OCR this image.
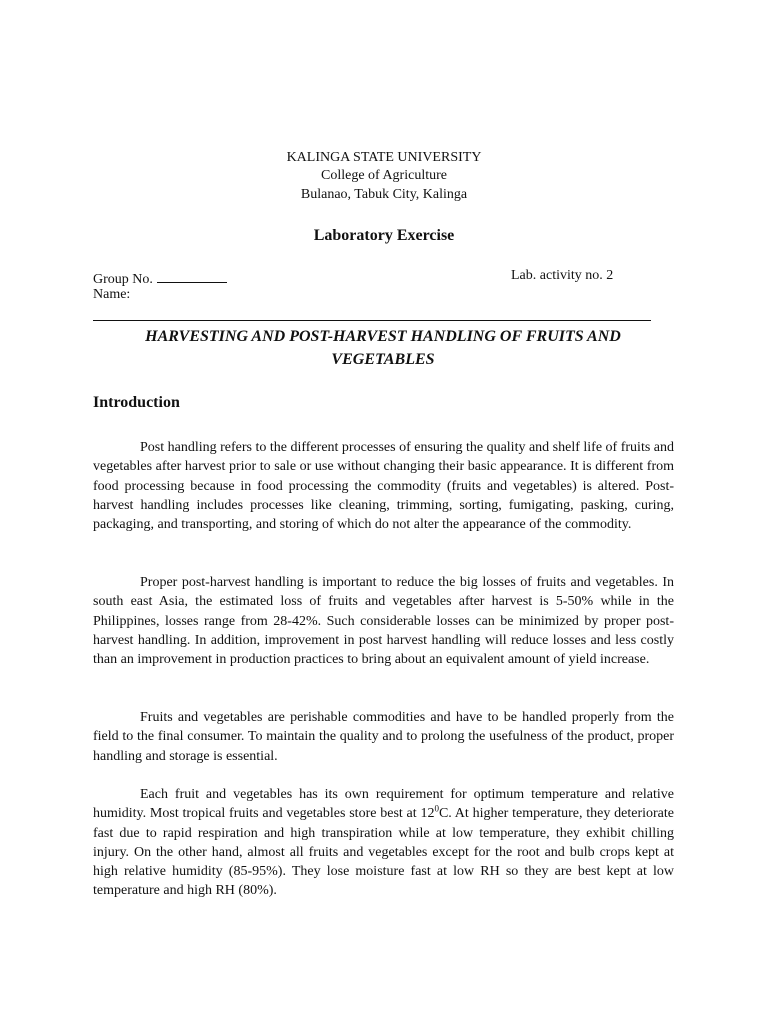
KALINGA STATE UNIVERSITY
College of Agriculture
Bulanao, Tabuk City, Kalinga
Laboratory Exercise
Group No.	Lab. activity no. 2
Name:
HARVESTING AND POST-HARVEST HANDLING OF FRUITS AND VEGETABLES
Introduction

Post handling refers to the different processes of ensuring the quality and shelf life of fruits and vegetables after harvest prior to sale or use without changing their basic appearance. It is different from food processing because in food processing the commodity (fruits and vegetables) is altered. Post-harvest handling includes processes like cleaning, trimming, sorting, fumigating, pasking, curing, packaging, and transporting, and storing of which do not alter the appearance of the commodity.

Proper post-harvest handling is important to reduce the big losses of fruits and vegetables. In south east Asia, the estimated loss of fruits and vegetables after harvest is 5-50% while in the Philippines, losses range from 28-42%. Such considerable losses can be minimized by proper post-harvest handling. In addition, improvement in post harvest handling will reduce losses and less costly than an improvement in production practices to bring about an equivalent amount of yield increase.

Fruits and vegetables are perishable commodities and have to be handled properly from the field to the final consumer. To maintain the quality and to prolong the usefulness of the product, proper handling and storage is essential.

Each fruit and vegetables has its own requirement for optimum temperature and relative humidity. Most tropical fruits and vegetables store best at $12^0C$. At higher temperature, they deteriorate fast due to rapid respiration and high transpiration while at low temperature, they exhibit chilling injury. On the other hand, almost all fruits and vegetables except for the root and bulb crops kept at high relative humidity (85-95%). They lose moisture fast at low RH so they are best kept at low temperature and high RH (80%).
